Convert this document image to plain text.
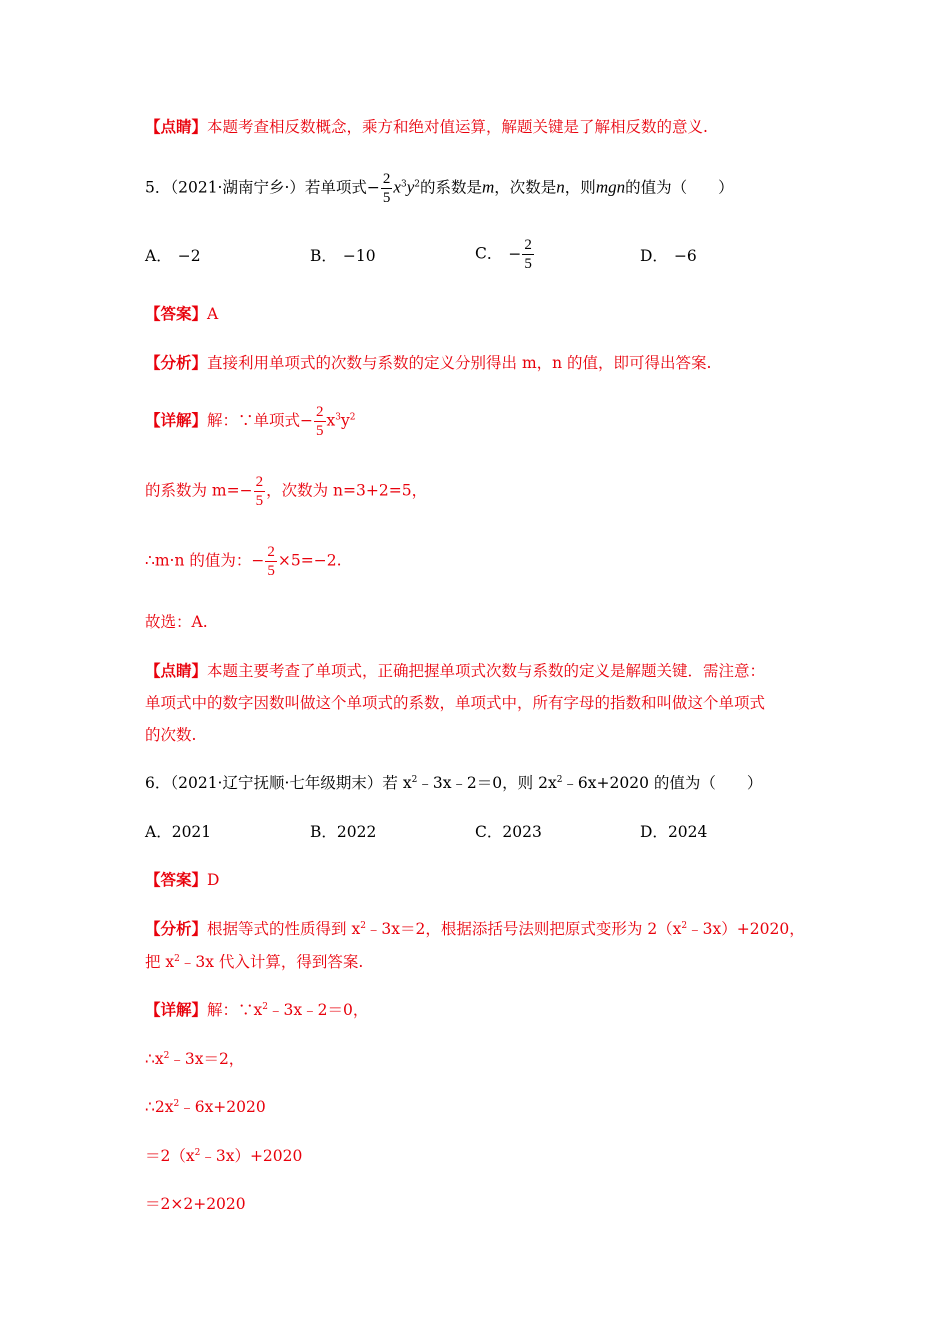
【点睛】本题考查相反数概念，乘方和绝对值运算，解题关键是了解相反数的意义.
5．（2021·湖南宁乡·）若单项式− $\frac{2}{5} x^3y^2$的系数是m，次数是n，则mgn的值为（　　）
A． −2	B． −10	C． − $\frac{2}{5}$	D． −6
【答案】A
【分析】直接利用单项式的次数与系数的定义分别得出 m，n 的值，即可得出答案.
【详解】解：∵单项式− $\frac{2}{5} x^3y^2$
的系数为 $m=- \frac{2}{5}$ ，次数为 n=3+2=5，
∴m·n 的值为：− $\frac{2}{5} \times 5=-2$.
故选：A.
【点睛】本题主要考查了单项式，正确把握单项式次数与系数的定义是解题关键．需注意：
单项式中的数字因数叫做这个单项式的系数，单项式中，所有字母的指数和叫做这个单项式
的次数.
6．（2021·辽宁抚顺·七年级期末）若 $x^2﹣3x﹣2=0$，则 $2x^2﹣6x+2020$ 的值为（　　）
A．2021	B．2022	C．2023	D．2024
【答案】D
【分析】根据等式的性质得到 $x^2﹣3x=2$，根据添括号法则把原式变形为 $2(x^2﹣3x)+2020$，
把 $x^2﹣3x$ 代入计算，得到答案.
【详解】解：$\because x^2﹣3x﹣2=0$，
$\therefore x^2﹣3x=2$，
$\therefore 2x^2﹣6x+2020$
$=2(x^2﹣3x)+2020$
＝2×2+2020
